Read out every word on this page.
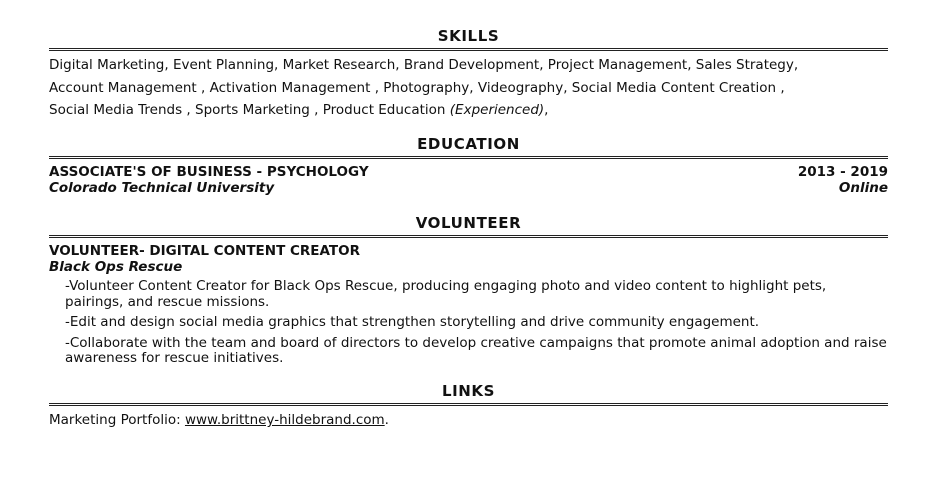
SKILLS
Digital Marketing, Event Planning, Market Research, Brand Development, Project Management, Sales Strategy,
Account Management , Activation Management , Photography, Videography, Social Media Content Creation ,
Social Media Trends , Sports Marketing , Product Education (Experienced),
EDUCATION
ASSOCIATE'S OF BUSINESS - PSYCHOLOGY	2013 - 2019
Colorado Technical University	Online
VOLUNTEER
VOLUNTEER- DIGITAL CONTENT CREATOR
Black Ops Rescue
-Volunteer Content Creator for Black Ops Rescue, producing engaging photo and video content to highlight pets,
pairings, and rescue missions.
-Edit and design social media graphics that strengthen storytelling and drive community engagement.
-Collaborate with the team and board of directors to develop creative campaigns that promote animal adoption and raise
awareness for rescue initiatives.
LINKS
Marketing Portfolio: www.brittney-hildebrand.com.
